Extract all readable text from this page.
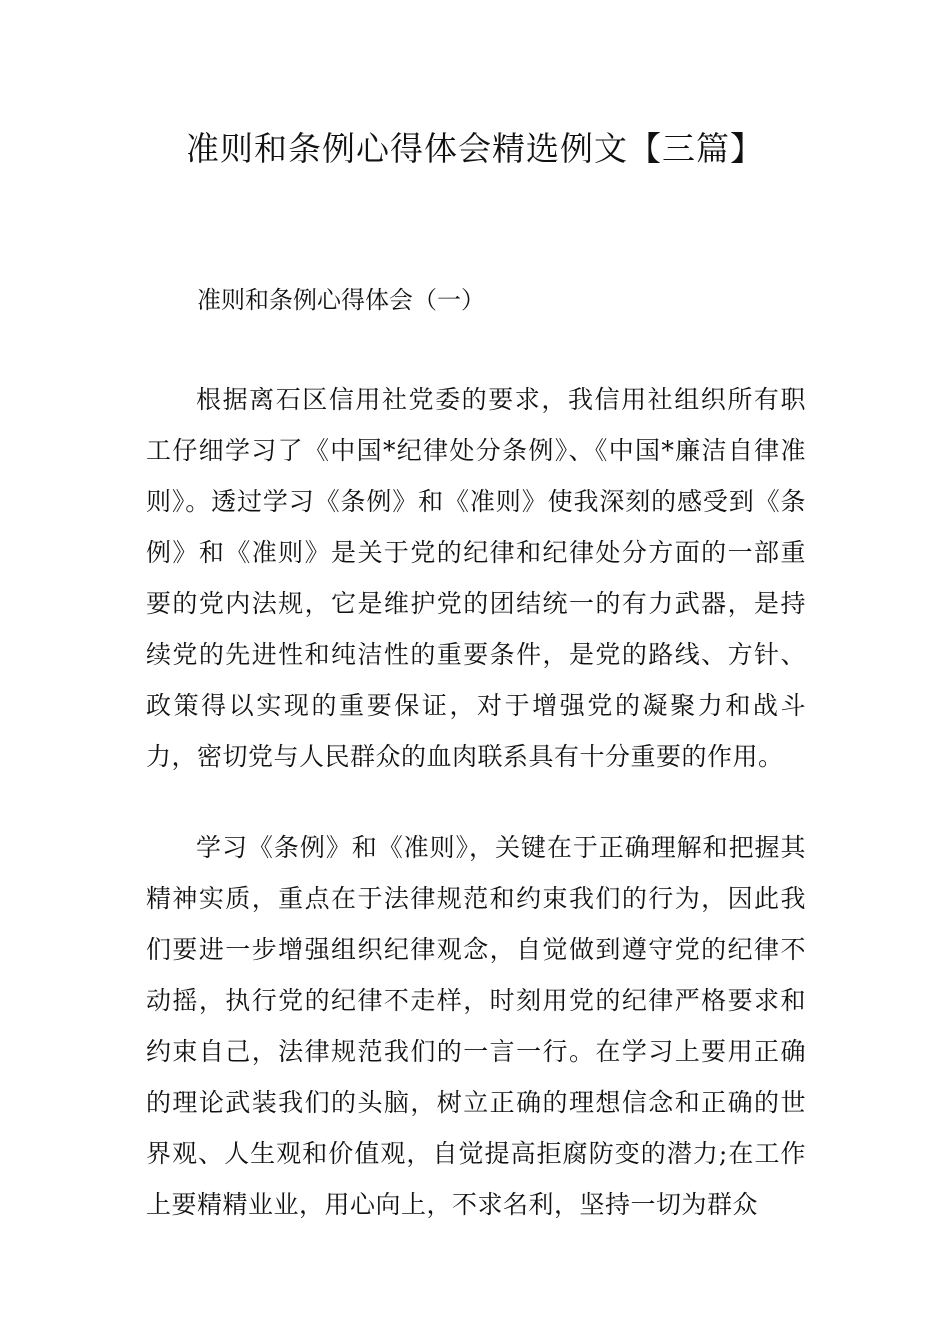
准则和条例心得体会精选例文【三篇】

准则和条例心得体会（一）

根据离石区信用社党委的要求，我信用社组织所有职工仔细学习了《中国*纪律处分条例》、《中国*廉洁自律准则》。透过学习《条例》和《准则》使我深刻的感受到《条例》和《准则》是关于党的纪律和纪律处分方面的一部重要的党内法规，它是维护党的团结统一的有力武器，是持续党的先进性和纯洁性的重要条件，是党的路线、方针、政策得以实现的重要保证，对于增强党的凝聚力和战斗力，密切党与人民群众的血肉联系具有十分重要的作用。

学习《条例》和《准则》，关键在于正确理解和把握其精神实质，重点在于法律规范和约束我们的行为，因此我们要进一步增强组织纪律观念，自觉做到遵守党的纪律不动摇，执行党的纪律不走样，时刻用党的纪律严格要求和约束自己，法律规范我们的一言一行。在学习上要用正确的理论武装我们的头脑，树立正确的理想信念和正确的世界观、人生观和价值观，自觉提高拒腐防变的潜力;在工作上要精精业业，用心向上，不求名利，坚持一切为群众
